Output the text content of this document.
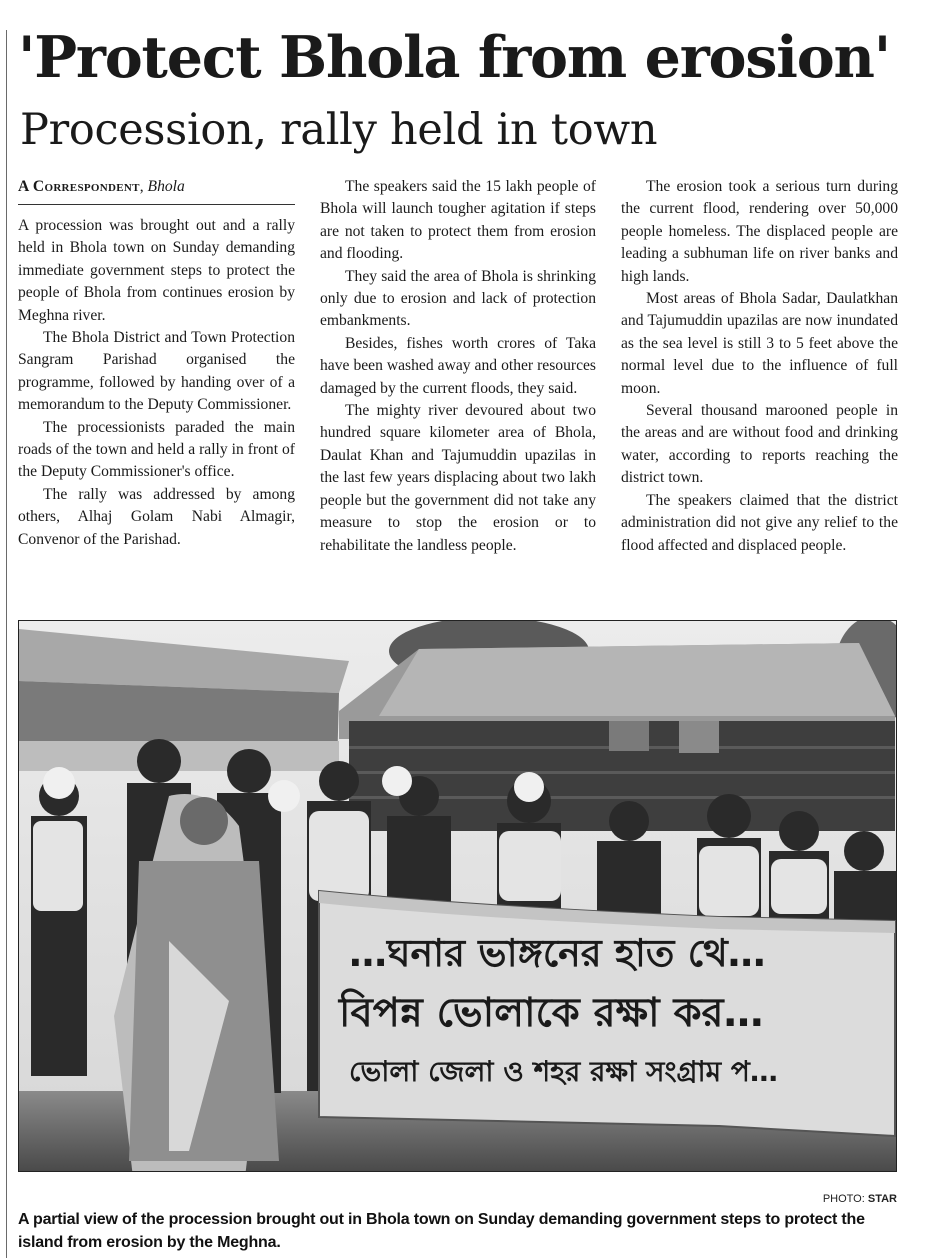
'Protect Bhola from erosion'
Procession, rally held in town
A Correspondent, Bhola

A procession was brought out and a rally held in Bhola town on Sunday demanding immediate government steps to protect the people of Bhola from continues erosion by Meghna river.

The Bhola District and Town Protection Sangram Parishad organised the programme, followed by handing over of a memorandum to the Deputy Commissioner.

The processionists paraded the main roads of the town and held a rally in front of the Deputy Commissioner's office.

The rally was addressed by among others, Alhaj Golam Nabi Almagir, Convenor of the Parishad.

The speakers said the 15 lakh people of Bhola will launch tougher agitation if steps are not taken to protect them from erosion and flooding.

They said the area of Bhola is shrinking only due to erosion and lack of protection embankments.

Besides, fishes worth crores of Taka have been washed away and other resources damaged by the current floods, they said.

The mighty river devoured about two hundred square kilometer area of Bhola, Daulat Khan and Tajumuddin upazilas in the last few years displacing about two lakh people but the government did not take any measure to stop the erosion or to rehabilitate the landless people.

The erosion took a serious turn during the current flood, rendering over 50,000 people homeless. The displaced people are leading a subhuman life on river banks and high lands.

Most areas of Bhola Sadar, Daulatkhan and Tajumuddin upazilas are now inundated as the sea level is still 3 to 5 feet above the normal level due to the influence of full moon.

Several thousand marooned people in the areas and are without food and drinking water, according to reports reaching the district town.

The speakers claimed that the district administration did not give any relief to the flood affected and displaced people.

…ঘনার ভাঙ্গনের হাত থে…
বিপন্ন ভোলাকে রক্ষা কর…
ভোলা জেলা ও শহর রক্ষা সংগ্রাম প…
PHOTO: STAR

A partial view of the procession brought out in Bhola town on Sunday demanding government steps to protect the island from erosion by the Meghna.
